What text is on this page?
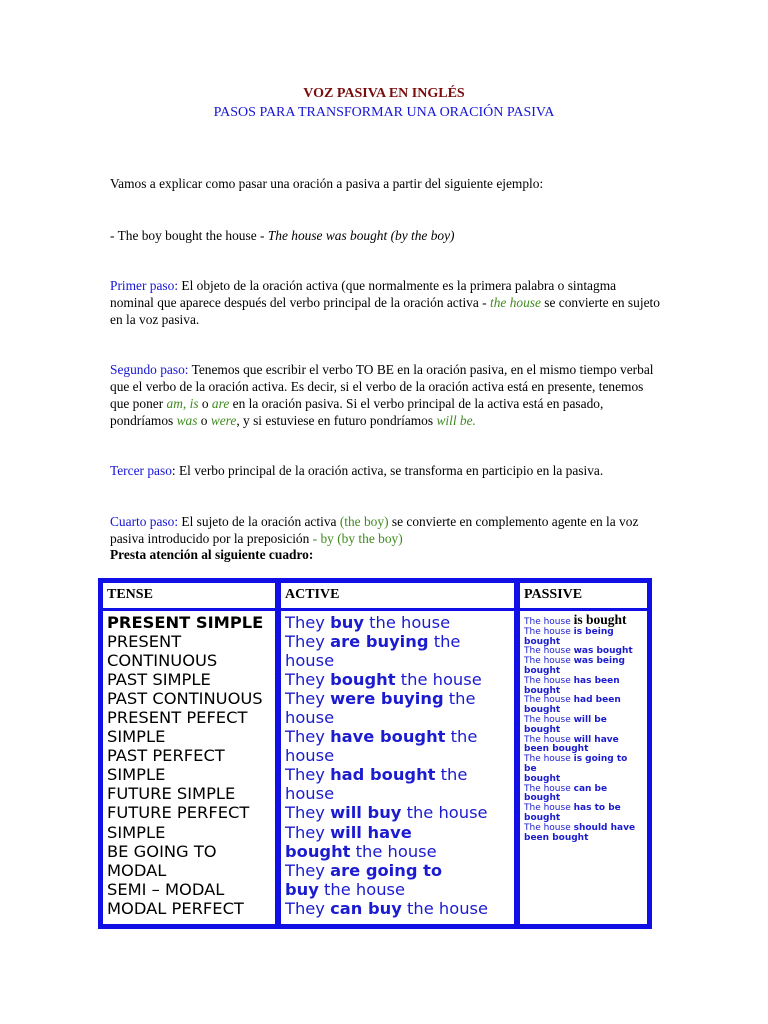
VOZ PASIVA EN INGLÉS
PASOS PARA TRANSFORMAR UNA ORACIÓN PASIVA
Vamos a explicar como pasar una oración a pasiva a partir del siguiente ejemplo:
- The boy bought the house - The house was bought (by the boy)
Primer paso: El objeto de la oración activa (que normalmente es la primera palabra o sintagma nominal que aparece después del verbo principal de la oración activa - the house se convierte en sujeto en la voz pasiva.
Segundo paso: Tenemos que escribir el verbo TO BE en la oración pasiva, en el mismo tiempo verbal que el verbo de la oración activa. Es decir, si el verbo de la oración activa está en presente, tenemos que poner am, is o are en la oración pasiva. Si el verbo principal de la activa está en pasado, pondríamos was o were, y si estuviese en futuro pondríamos will be.
Tercer paso: El verbo principal de la oración activa, se transforma en participio en la pasiva.
Cuarto paso: El sujeto de la oración activa (the boy) se convierte en complemento agente en la voz pasiva introducido por la preposición - by (by the boy)
Presta atención al siguiente cuadro:
TENSE	ACTIVE	PASSIVE
PRESENT SIMPLE
PRESENT
CONTINUOUS
PAST SIMPLE
PAST CONTINUOUS
PRESENT PEFECT
SIMPLE
PAST PERFECT
SIMPLE
FUTURE SIMPLE
FUTURE PERFECT
SIMPLE
BE GOING TO
MODAL
SEMI – MODAL
MODAL PERFECT
They buy the house
They are buying the
house
They bought the house
They were buying the
house
They have bought the
house
They had bought the
house
They will buy the house
They will have
bought the house
They are going to
buy the house
They can buy the house
The house is bought
The house is being
bought
The house was bought
The house was being
bought
The house has been
bought
The house had been
bought
The house will be
bought
The house will have
been bought
The house is going to be
bought
The house can be
bought
The house has to be
bought
The house should have
been bought
